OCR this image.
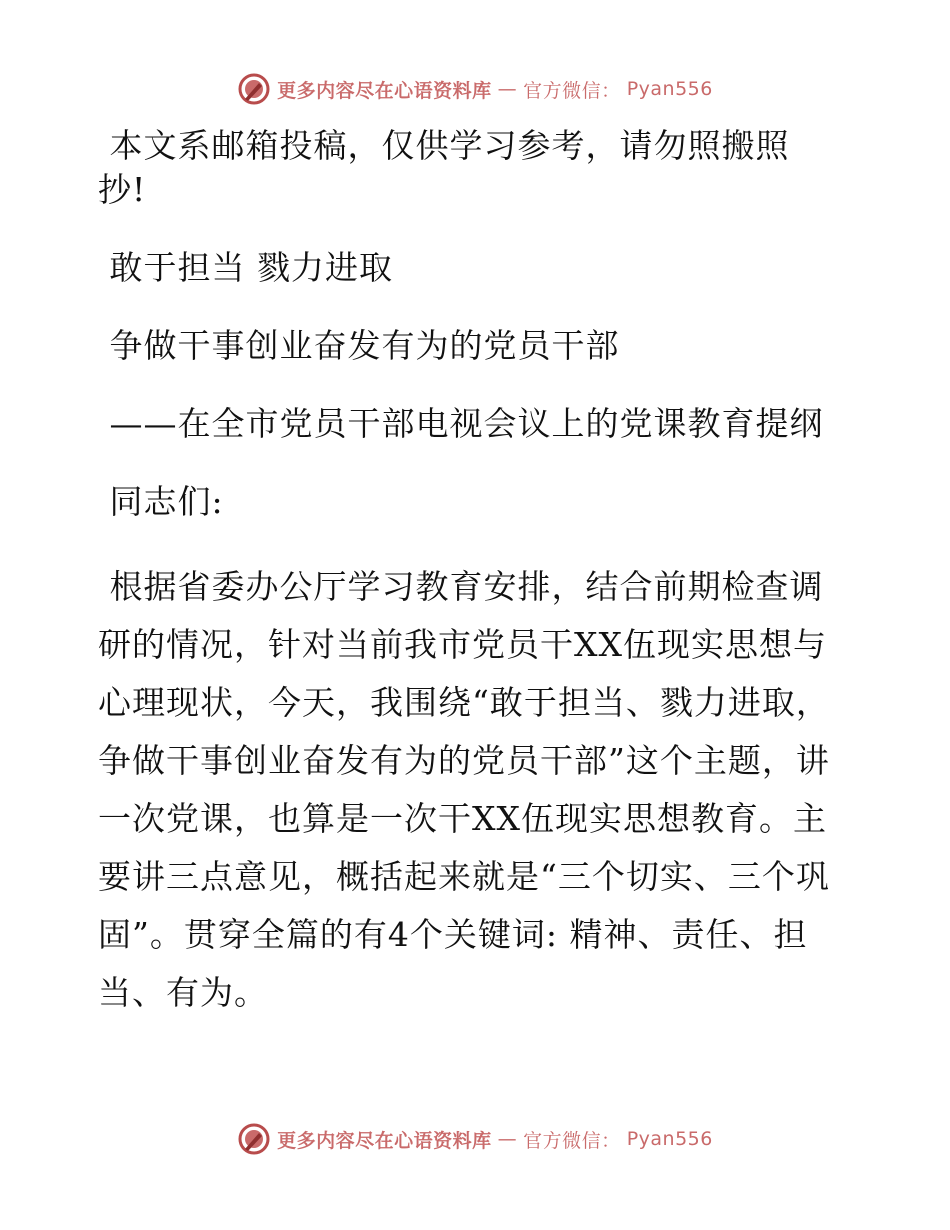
更多内容尽在心语资料库 — 官方微信： Pyan556
本文系邮箱投稿，仅供学习参考，请勿照搬照
抄!
敢于担当 戮力进取
争做干事创业奋发有为的党员干部
——在全市党员干部电视会议上的党课教育提纲
同志们:
根据省委办公厅学习教育安排，结合前期检查调
研的情况，针对当前我市党员干XX伍现实思想与
心理现状，今天，我围绕“敢于担当、戮力进取，
争做干事创业奋发有为的党员干部”这个主题，讲
一次党课，也算是一次干XX伍现实思想教育。主
要讲三点意见，概括起来就是“三个切实、三个巩
固”。贯穿全篇的有4个关键词: 精神、责任、担
当、有为。
更多内容尽在心语资料库 — 官方微信： Pyan556
